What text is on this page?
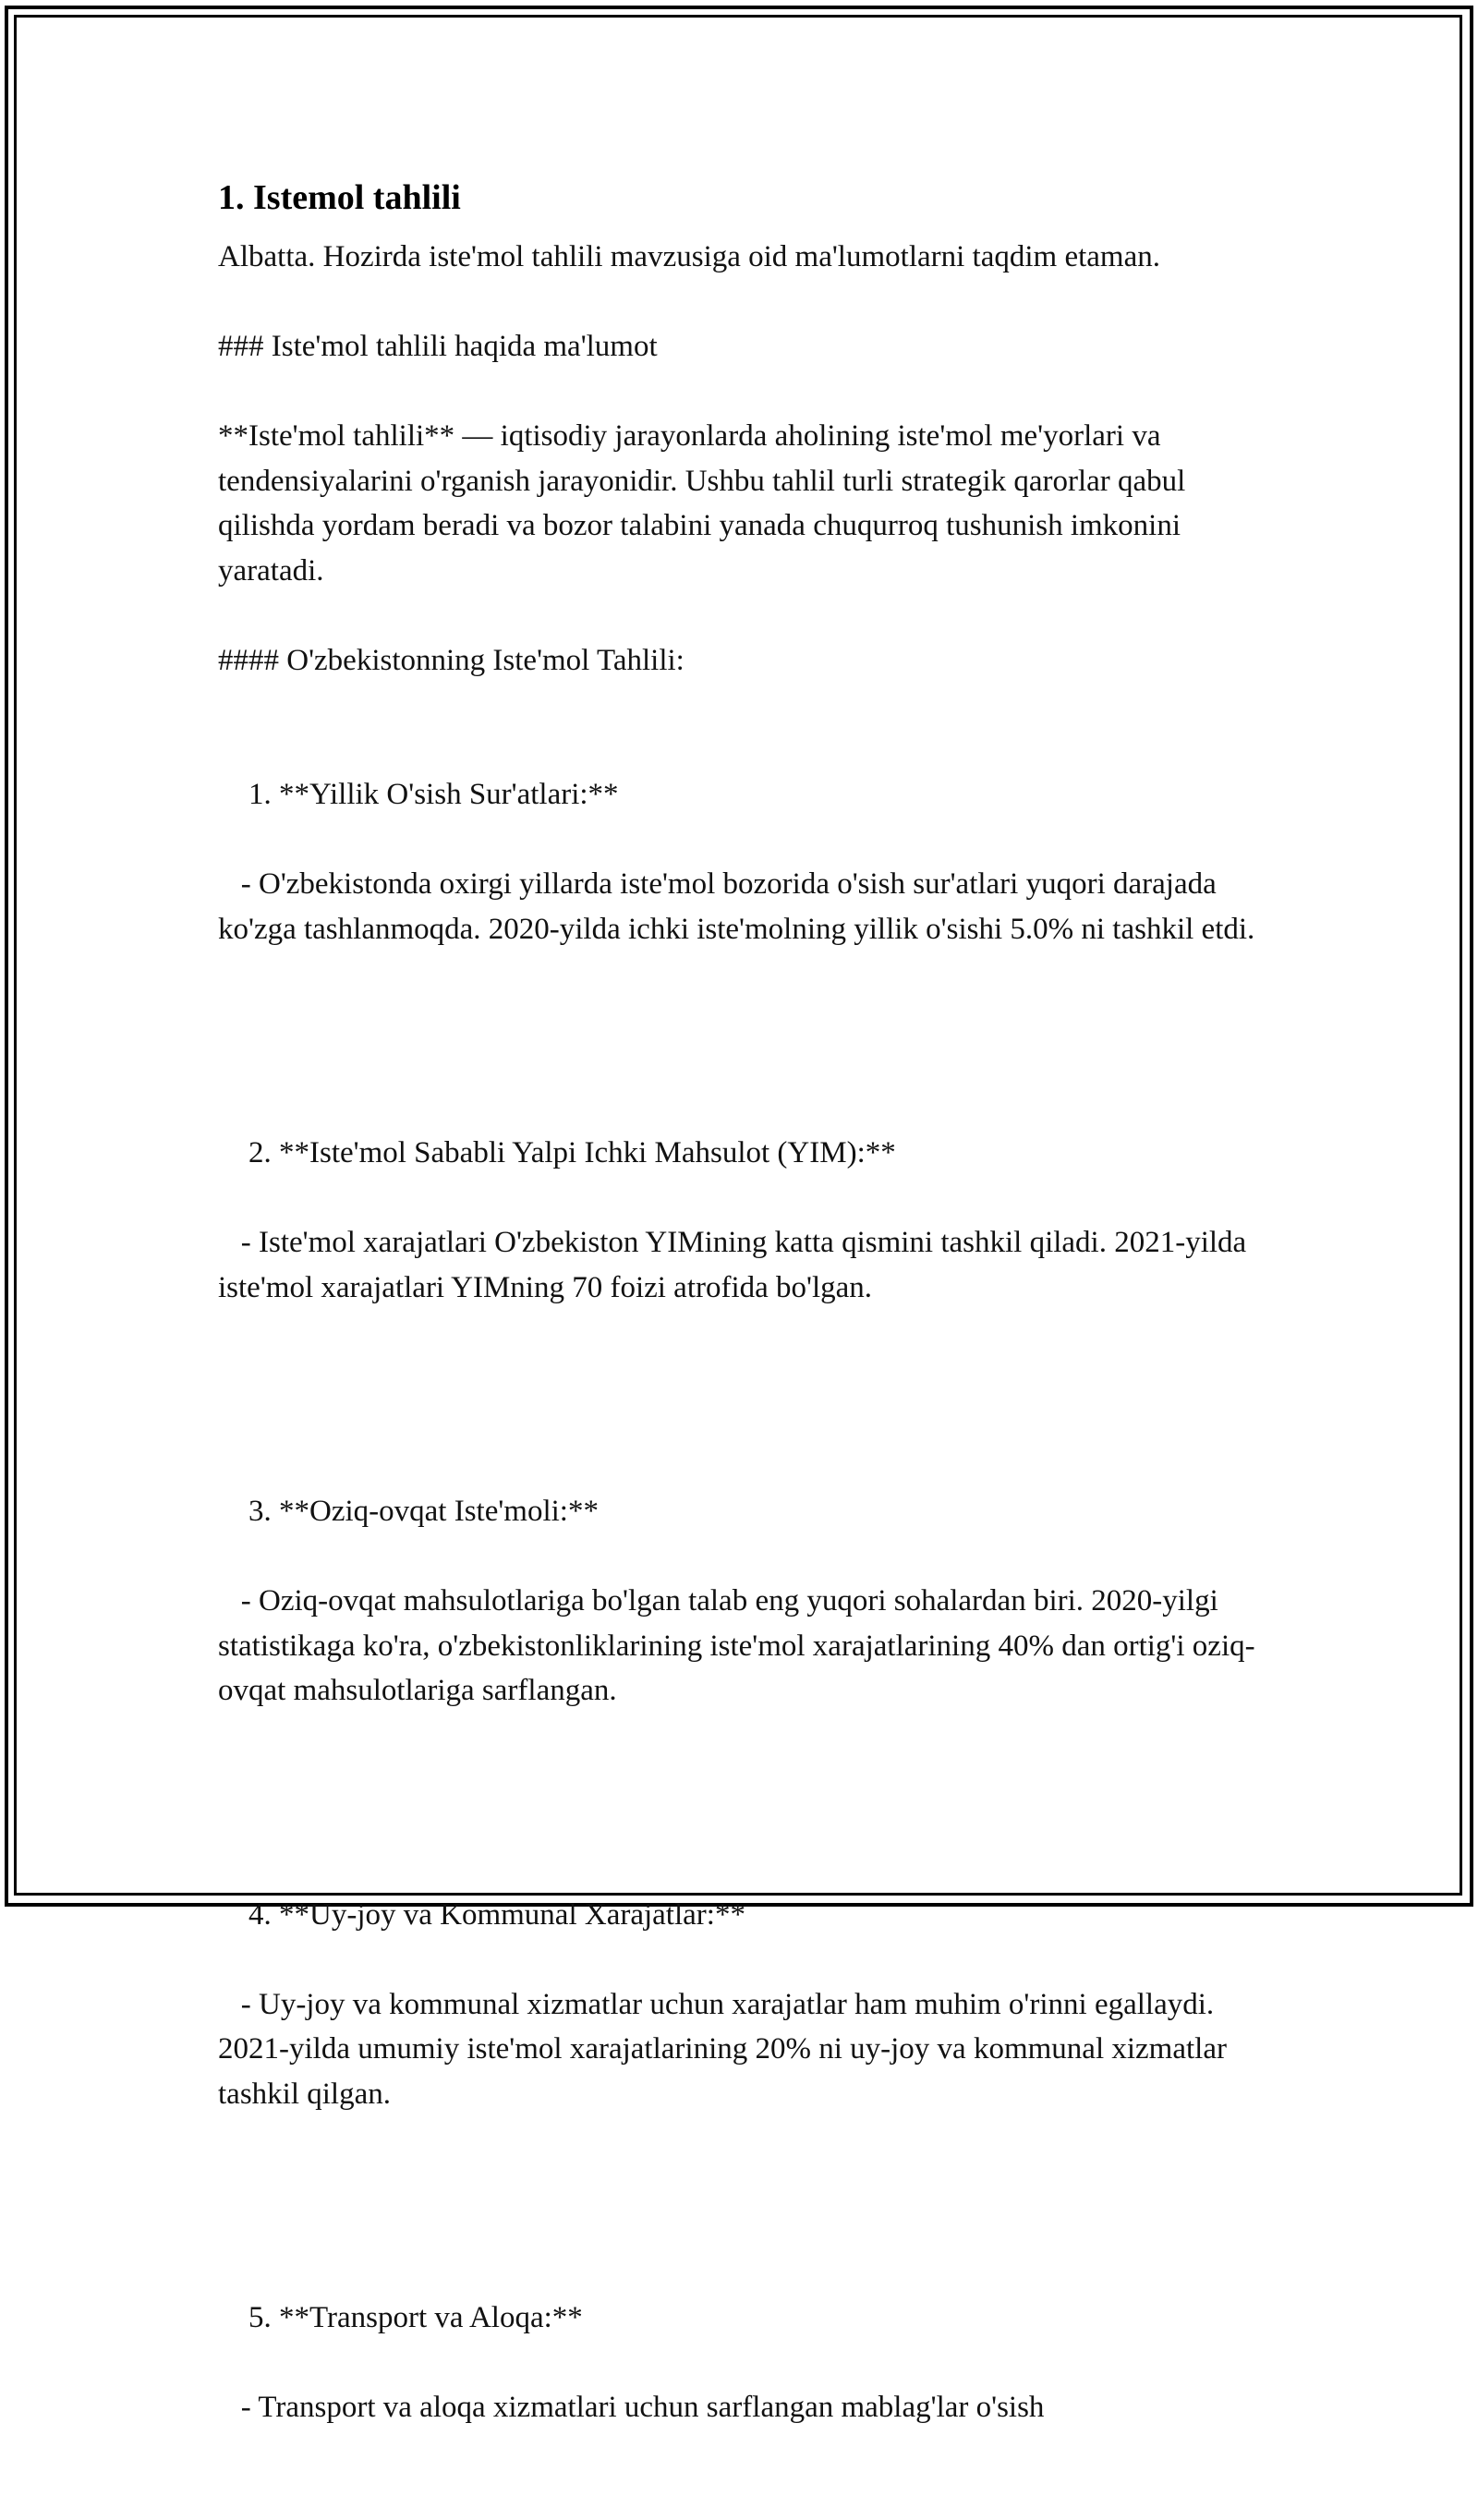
1. Istemol tahlili
Albatta. Hozirda iste'mol tahlili mavzusiga oid ma'lumotlarni taqdim etaman.
### Iste'mol tahlili haqida ma'lumot
**Iste'mol tahlili** — iqtisodiy jarayonlarda aholining iste'mol me'yorlari va tendensiyalarini o'rganish jarayonidir. Ushbu tahlil turli strategik qarorlar qabul qilishda yordam beradi va bozor talabini yanada chuqurroq tushunish imkonini yaratadi.
#### O'zbekistonning Iste'mol Tahlili:

1. **Yillik O'sish Sur'atlari:**

- O'zbekistonda oxirgi yillarda iste'mol bozorida o'sish sur'atlari yuqori darajada ko'zga tashlanmoqda. 2020-yilda ichki iste'molning yillik o'sishi 5.0% ni tashkil etdi.

2. **Iste'mol Sababli Yalpi Ichki Mahsulot (YIM):**

- Iste'mol xarajatlari O'zbekiston YIMining katta qismini tashkil qiladi. 2021-yilda iste'mol xarajatlari YIMning 70 foizi atrofida bo'lgan.

3. **Oziq-ovqat Iste'moli:**

- Oziq-ovqat mahsulotlariga bo'lgan talab eng yuqori sohalardan biri. 2020-yilgi statistikaga ko'ra, o'zbekistonliklarining iste'mol xarajatlarining 40% dan ortig'i oziq-ovqat mahsulotlariga sarflangan.

4. **Uy-joy va Kommunal Xarajatlar:**

- Uy-joy va kommunal xizmatlar uchun xarajatlar ham muhim o'rinni egallaydi. 2021-yilda umumiy iste'mol xarajatlarining 20% ni uy-joy va kommunal xizmatlar tashkil qilgan.

5. **Transport va Aloqa:**

- Transport va aloqa xizmatlari uchun sarflangan mablag'lar o'sish
